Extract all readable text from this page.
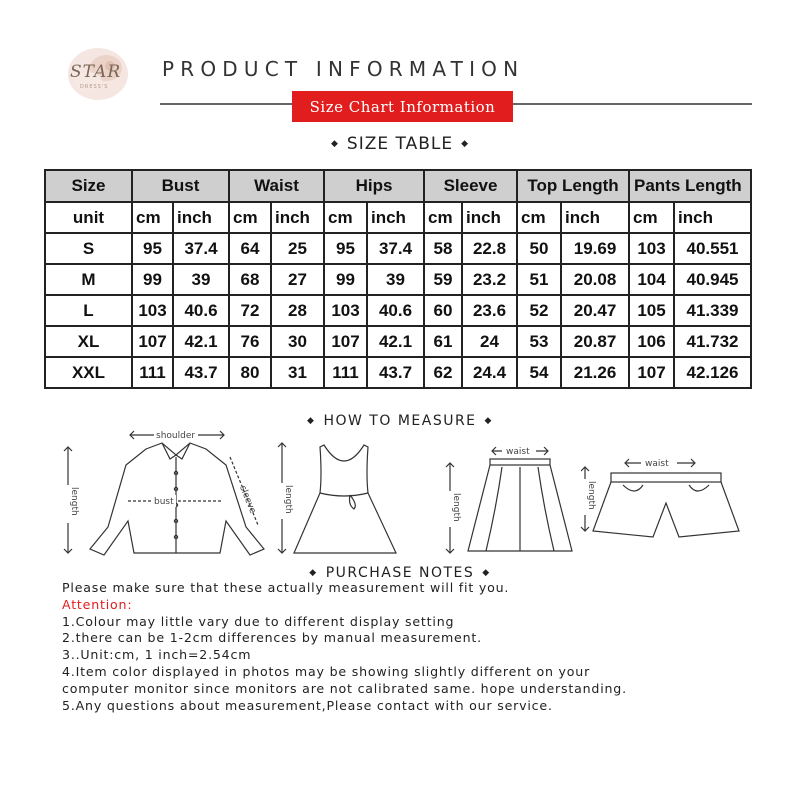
STAR
DRESS'S
PRODUCT INFORMATION
Size Chart Information
◆ SIZE TABLE ◆
Size	Bust		Waist		Hips		Sleeve		Top Length		Pants Length	
unit	cm	inch	cm	inch	cm	inch	cm	inch	cm	inch	cm	inch
S	95	37.4	64	25	95	37.4	58	22.8	50	19.69	103	40.551
M	99	39	68	27	99	39	59	23.2	51	20.08	104	40.945
L	103	40.6	72	28	103	40.6	60	23.6	52	20.47	105	41.339
XL	107	42.1	76	30	107	42.1	61	24	53	20.87	106	41.732
XXL	111	43.7	80	31	111	43.7	62	24.4	54	21.26	107	42.126
◆ HOW TO MEASURE ◆
shoulder
bust
length	sleeve	length
waist
length
waist
length
◆ PURCHASE NOTES ◆
Please make sure that these actually measurement will fit you.
Attention:
1.Colour may little vary due to different display setting
2.there can be 1-2cm differences by manual measurement.
3..Unit:cm, 1 inch=2.54cm
4.Item color displayed in photos may be showing slightly different on your
computer monitor since monitors are not calibrated same. hope understanding.
5.Any questions about measurement,Please contact with our service.
